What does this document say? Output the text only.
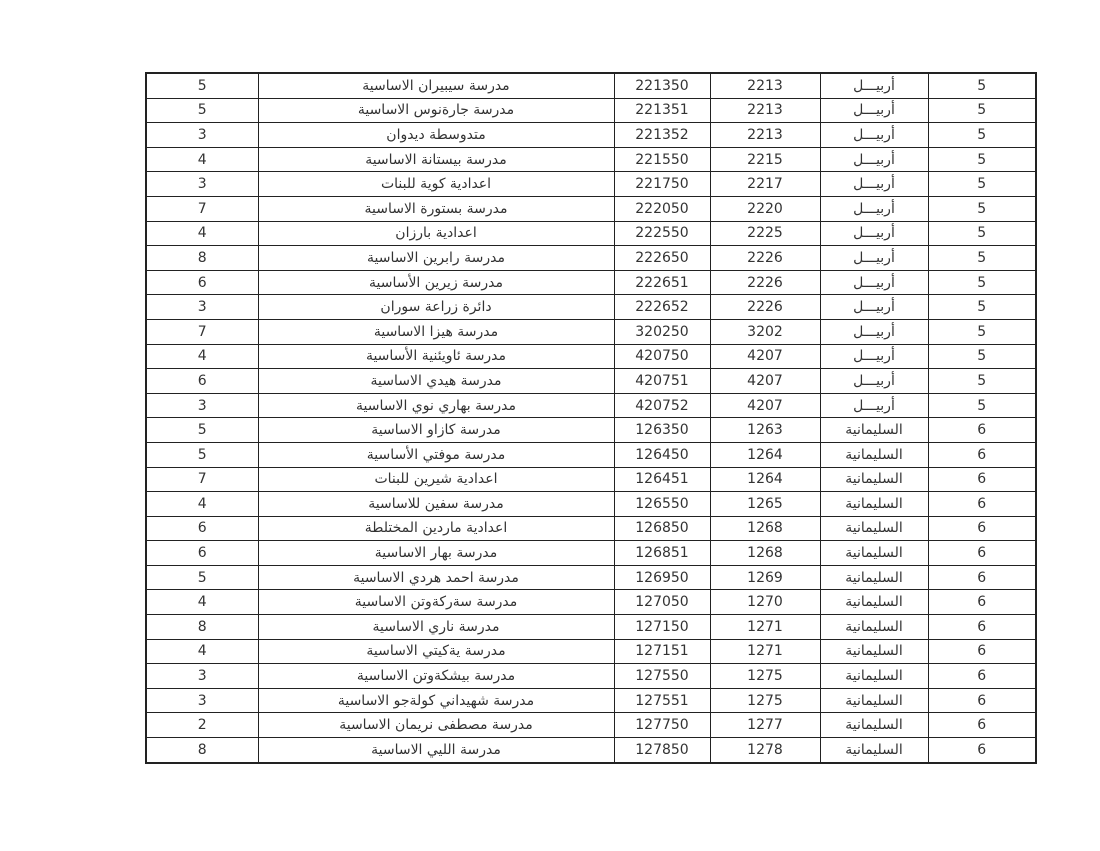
5	مدرسة سيبيران الاساسية	221350	2213	أربيـــل	5
5	مدرسة جارةنوس الاساسية	221351	2213	أربيـــل	5
3	متدوسطة ديدوان	221352	2213	أربيـــل	5
4	مدرسة بيستانة الاساسية	221550	2215	أربيـــل	5
3	اعدادية كوية للبنات	221750	2217	أربيـــل	5
7	مدرسة بستورة الاساسية	222050	2220	أربيـــل	5
4	اعدادية بارزان	222550	2225	أربيـــل	5
8	مدرسة رابرين الاساسية	222650	2226	أربيـــل	5
6	مدرسة زيرين الأساسية	222651	2226	أربيـــل	5
3	دائرة زراعة سوران	222652	2226	أربيـــل	5
7	مدرسة هيزا الاساسية	320250	3202	أربيـــل	5
4	مدرسة ئاويئنية الأساسية	420750	4207	أربيـــل	5
6	مدرسة هيدي الاساسية	420751	4207	أربيـــل	5
3	مدرسة بهاري نوي الاساسية	420752	4207	أربيـــل	5
5	مدرسة كازاو الاساسية	126350	1263	السليمانية	6
5	مدرسة موفتي الأساسية	126450	1264	السليمانية	6
7	اعدادية شيرين للبنات	126451	1264	السليمانية	6
4	مدرسة سفين للاساسية	126550	1265	السليمانية	6
6	اعدادية ماردين المختلطة	126850	1268	السليمانية	6
6	مدرسة بهار الاساسية	126851	1268	السليمانية	6
5	مدرسة احمد هردي الاساسية	126950	1269	السليمانية	6
4	مدرسة سةركةوتن الاساسية	127050	1270	السليمانية	6
8	مدرسة ناري الاساسية	127150	1271	السليمانية	6
4	مدرسة يةكيتي الاساسية	127151	1271	السليمانية	6
3	مدرسة بيشكةوتن الاساسية	127550	1275	السليمانية	6
3	مدرسة شهيداني كولةجو الاساسية	127551	1275	السليمانية	6
2	مدرسة مصطفى نريمان الاساسية	127750	1277	السليمانية	6
8	مدرسة الليي الاساسية	127850	1278	السليمانية	6
